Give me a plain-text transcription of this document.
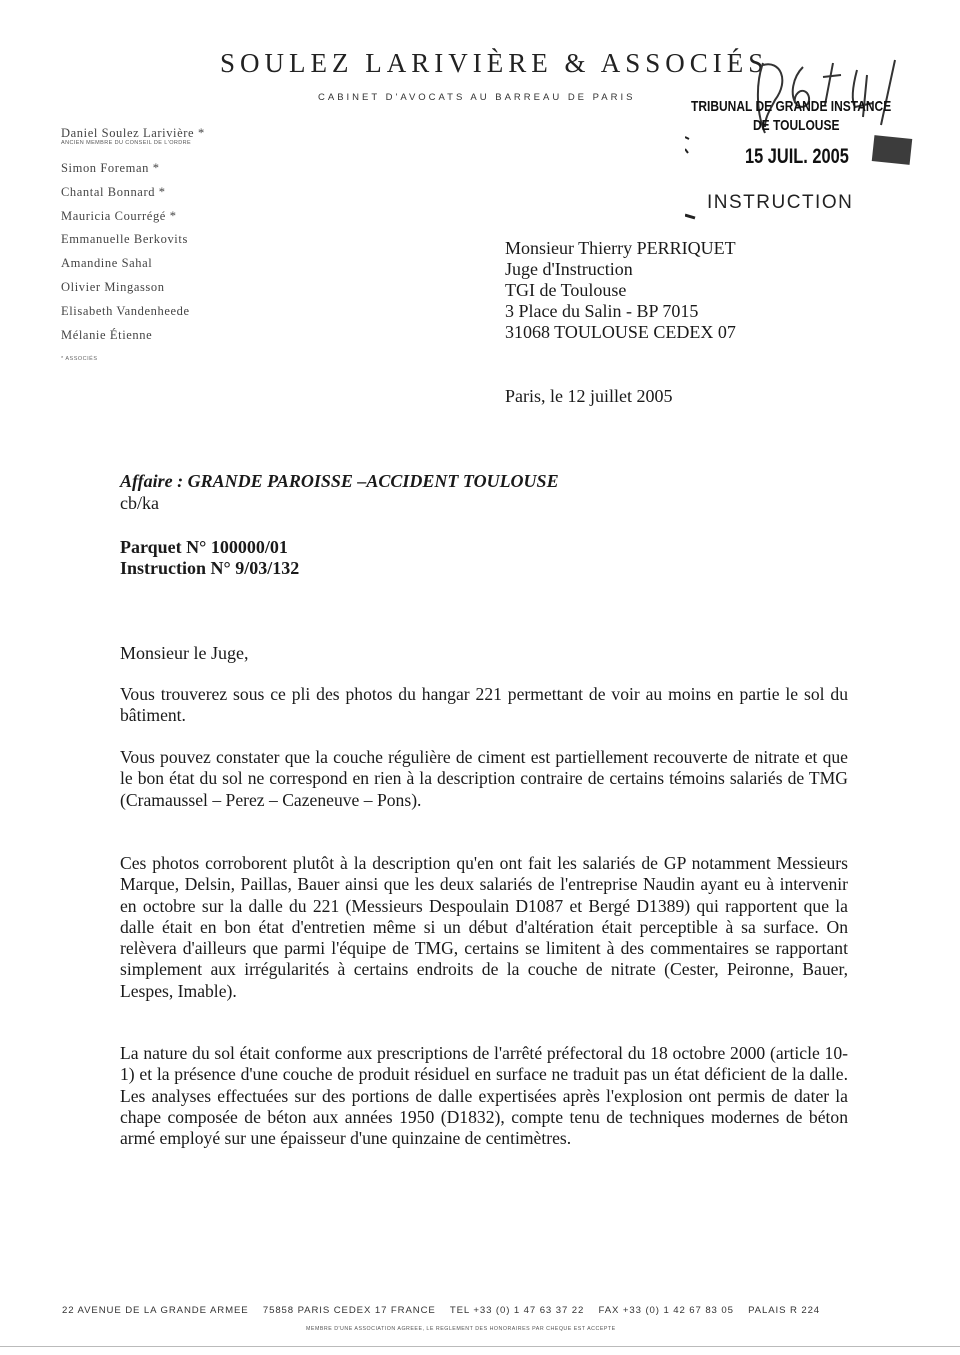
SOULEZ LARIVIÈRE & ASSOCIÉS
CABINET D'AVOCATS AU BARREAU DE PARIS
Daniel Soulez Larivière *
ANCIEN MEMBRE DU CONSEIL DE L'ORDRE
Simon Foreman *
Chantal Bonnard *
Mauricia Courrégé *
Emmanuelle Berkovits
Amandine Sahal
Olivier Mingasson
Elisabeth Vandenheede
Mélanie Étienne
* ASSOCIÉS
TRIBUNAL DE GRANDE INSTANCE
DE TOULOUSE
15 JUIL. 2005
INSTRUCTION
Monsieur Thierry PERRIQUET
Juge d'Instruction
TGI de Toulouse
3 Place du Salin - BP 7015
31068 TOULOUSE CEDEX 07
Paris, le 12 juillet 2005
Affaire : GRANDE PAROISSE –ACCIDENT TOULOUSE
cb/ka
Parquet N° 100000/01
Instruction N° 9/03/132
Monsieur le Juge,

Vous trouverez sous ce pli des photos du hangar 221 permettant de voir au moins en partie le sol du bâtiment.

Vous pouvez constater que la couche régulière de ciment est partiellement recouverte de nitrate et que le bon état du sol ne correspond en rien à la description contraire de certains témoins salariés de TMG (Cramaussel – Perez – Cazeneuve – Pons).

Ces photos corroborent plutôt à la description qu'en ont fait les salariés de GP notamment Messieurs Marque, Delsin, Paillas, Bauer ainsi que les deux salariés de l'entreprise Naudin ayant eu à intervenir en octobre sur la dalle du 221 (Messieurs Despoulain D1087 et Bergé D1389) qui rapportent que la dalle était en bon état d'entretien même si un début d'altération était perceptible à sa surface. On relèvera d'ailleurs que parmi l'équipe de TMG, certains se limitent à des commentaires se rapportant simplement aux irrégularités à certains endroits de la couche de nitrate (Cester, Peironne, Bauer, Lespes, Imable).

La nature du sol était conforme aux prescriptions de l'arrêté préfectoral du 18 octobre 2000 (article 10-1) et la présence d'une couche de produit résiduel en surface ne traduit pas un état déficient de la dalle. Les analyses effectuées sur des portions de dalle expertisées après l'explosion ont permis de dater la chape composée de béton aux années 1950 (D1832), compte tenu de techniques modernes de béton armé employé sur une épaisseur d'une quinzaine de centimètres.

22 AVENUE DE LA GRANDE ARMEE 75858 PARIS CEDEX 17 FRANCE TEL +33 (0) 1 47 63 37 22 FAX +33 (0) 1 42 67 83 05 PALAIS R 224
MEMBRE D'UNE ASSOCIATION AGREEE, LE REGLEMENT DES HONORAIRES PAR CHEQUE EST ACCEPTE
